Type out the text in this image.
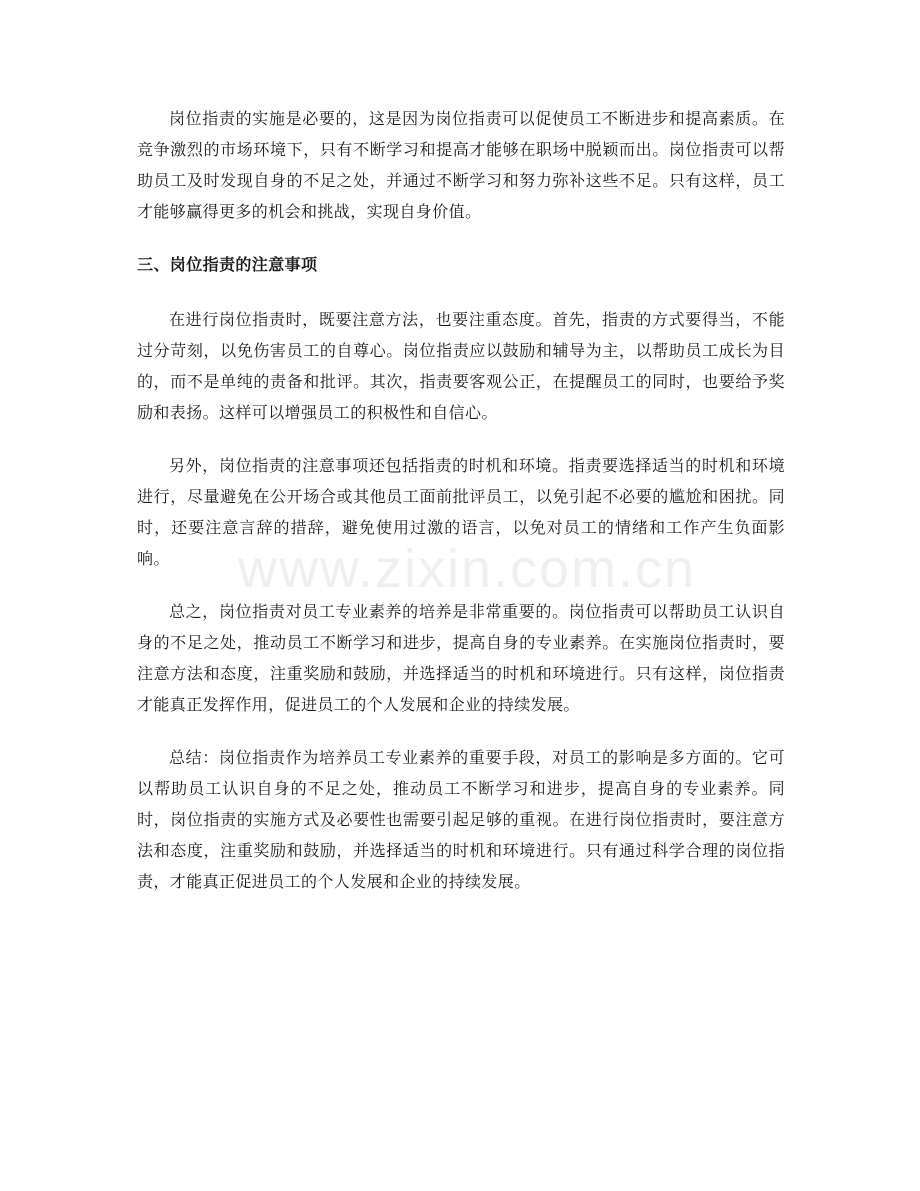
岗位指责的实施是必要的，这是因为岗位指责可以促使员工不断进步和提高素质。在竞争激烈的市场环境下，只有不断学习和提高才能够在职场中脱颖而出。岗位指责可以帮助员工及时发现自身的不足之处，并通过不断学习和努力弥补这些不足。只有这样，员工才能够赢得更多的机会和挑战，实现自身价值。

三、岗位指责的注意事项

在进行岗位指责时，既要注意方法，也要注重态度。首先，指责的方式要得当，不能过分苛刻，以免伤害员工的自尊心。岗位指责应以鼓励和辅导为主，以帮助员工成长为目的，而不是单纯的责备和批评。其次，指责要客观公正，在提醒员工的同时，也要给予奖励和表扬。这样可以增强员工的积极性和自信心。

另外，岗位指责的注意事项还包括指责的时机和环境。指责要选择适当的时机和环境进行，尽量避免在公开场合或其他员工面前批评员工，以免引起不必要的尴尬和困扰。同时，还要注意言辞的措辞，避免使用过激的语言，以免对员工的情绪和工作产生负面影响。

总之，岗位指责对员工专业素养的培养是非常重要的。岗位指责可以帮助员工认识自身的不足之处，推动员工不断学习和进步，提高自身的专业素养。在实施岗位指责时，要注意方法和态度，注重奖励和鼓励，并选择适当的时机和环境进行。只有这样，岗位指责才能真正发挥作用，促进员工的个人发展和企业的持续发展。

总结：岗位指责作为培养员工专业素养的重要手段，对员工的影响是多方面的。它可以帮助员工认识自身的不足之处，推动员工不断学习和进步，提高自身的专业素养。同时，岗位指责的实施方式及必要性也需要引起足够的重视。在进行岗位指责时，要注意方法和态度，注重奖励和鼓励，并选择适当的时机和环境进行。只有通过科学合理的岗位指责，才能真正促进员工的个人发展和企业的持续发展。

www.zixin.com.cn
